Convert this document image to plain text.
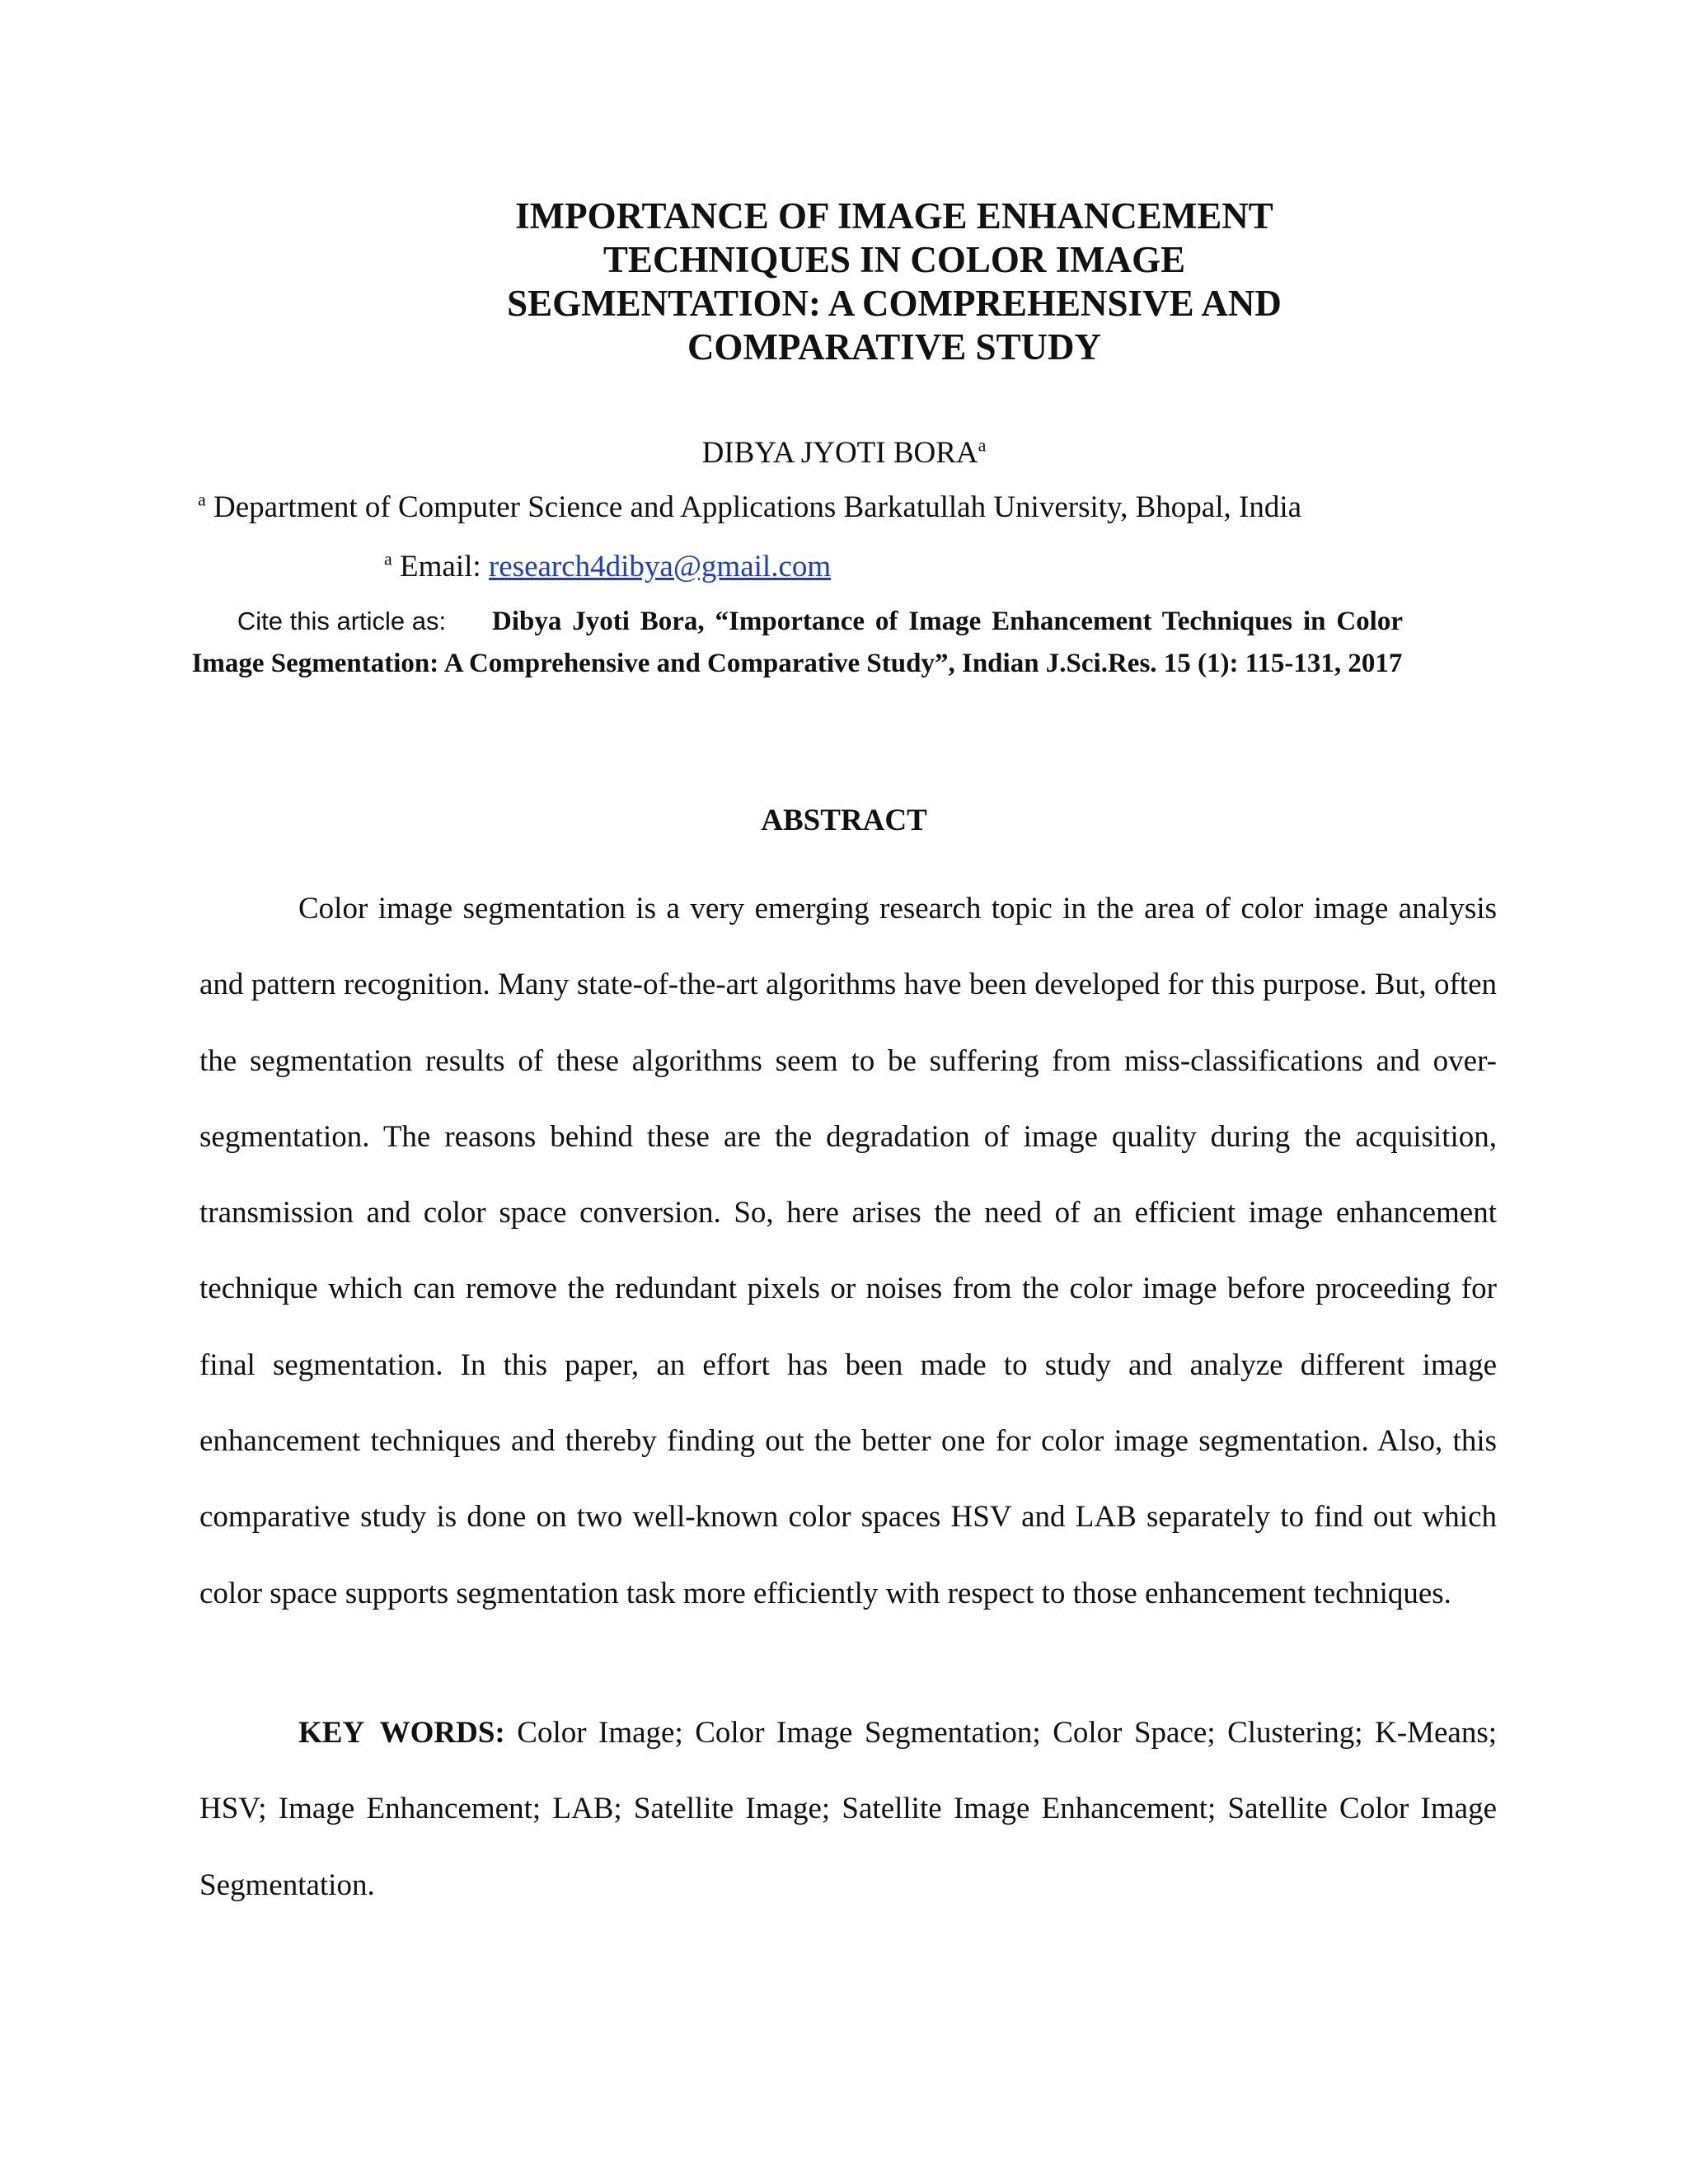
IMPORTANCE OF IMAGE ENHANCEMENT
TECHNIQUES IN COLOR IMAGE
SEGMENTATION: A COMPREHENSIVE AND
COMPARATIVE STUDY
DIBYA JYOTI BORA$^a$
$^a$ Department of Computer Science and Applications Barkatullah University, Bhopal, India
$^a$ Email: research4dibya@gmail.com
Cite this article as: Dibya Jyoti Bora, “Importance of Image Enhancement Techniques in Color Image Segmentation: A Comprehensive and Comparative Study”, Indian J.Sci.Res. 15 (1): 115-131, 2017
ABSTRACT

Color image segmentation is a very emerging research topic in the area of color image analysis and pattern recognition. Many state-of-the-art algorithms have been developed for this purpose. But, often the segmentation results of these algorithms seem to be suffering from miss-classifications and over-segmentation. The reasons behind these are the degradation of image quality during the acquisition, transmission and color space conversion. So, here arises the need of an efficient image enhancement technique which can remove the redundant pixels or noises from the color image before proceeding for final segmentation. In this paper, an effort has been made to study and analyze different image enhancement techniques and thereby finding out the better one for color image segmentation. Also, this comparative study is done on two well-known color spaces HSV and LAB separately to find out which color space supports segmentation task more efficiently with respect to those enhancement techniques.

KEY WORDS: Color Image; Color Image Segmentation; Color Space; Clustering; K-Means; HSV; Image Enhancement; LAB; Satellite Image; Satellite Image Enhancement; Satellite Color Image Segmentation.
